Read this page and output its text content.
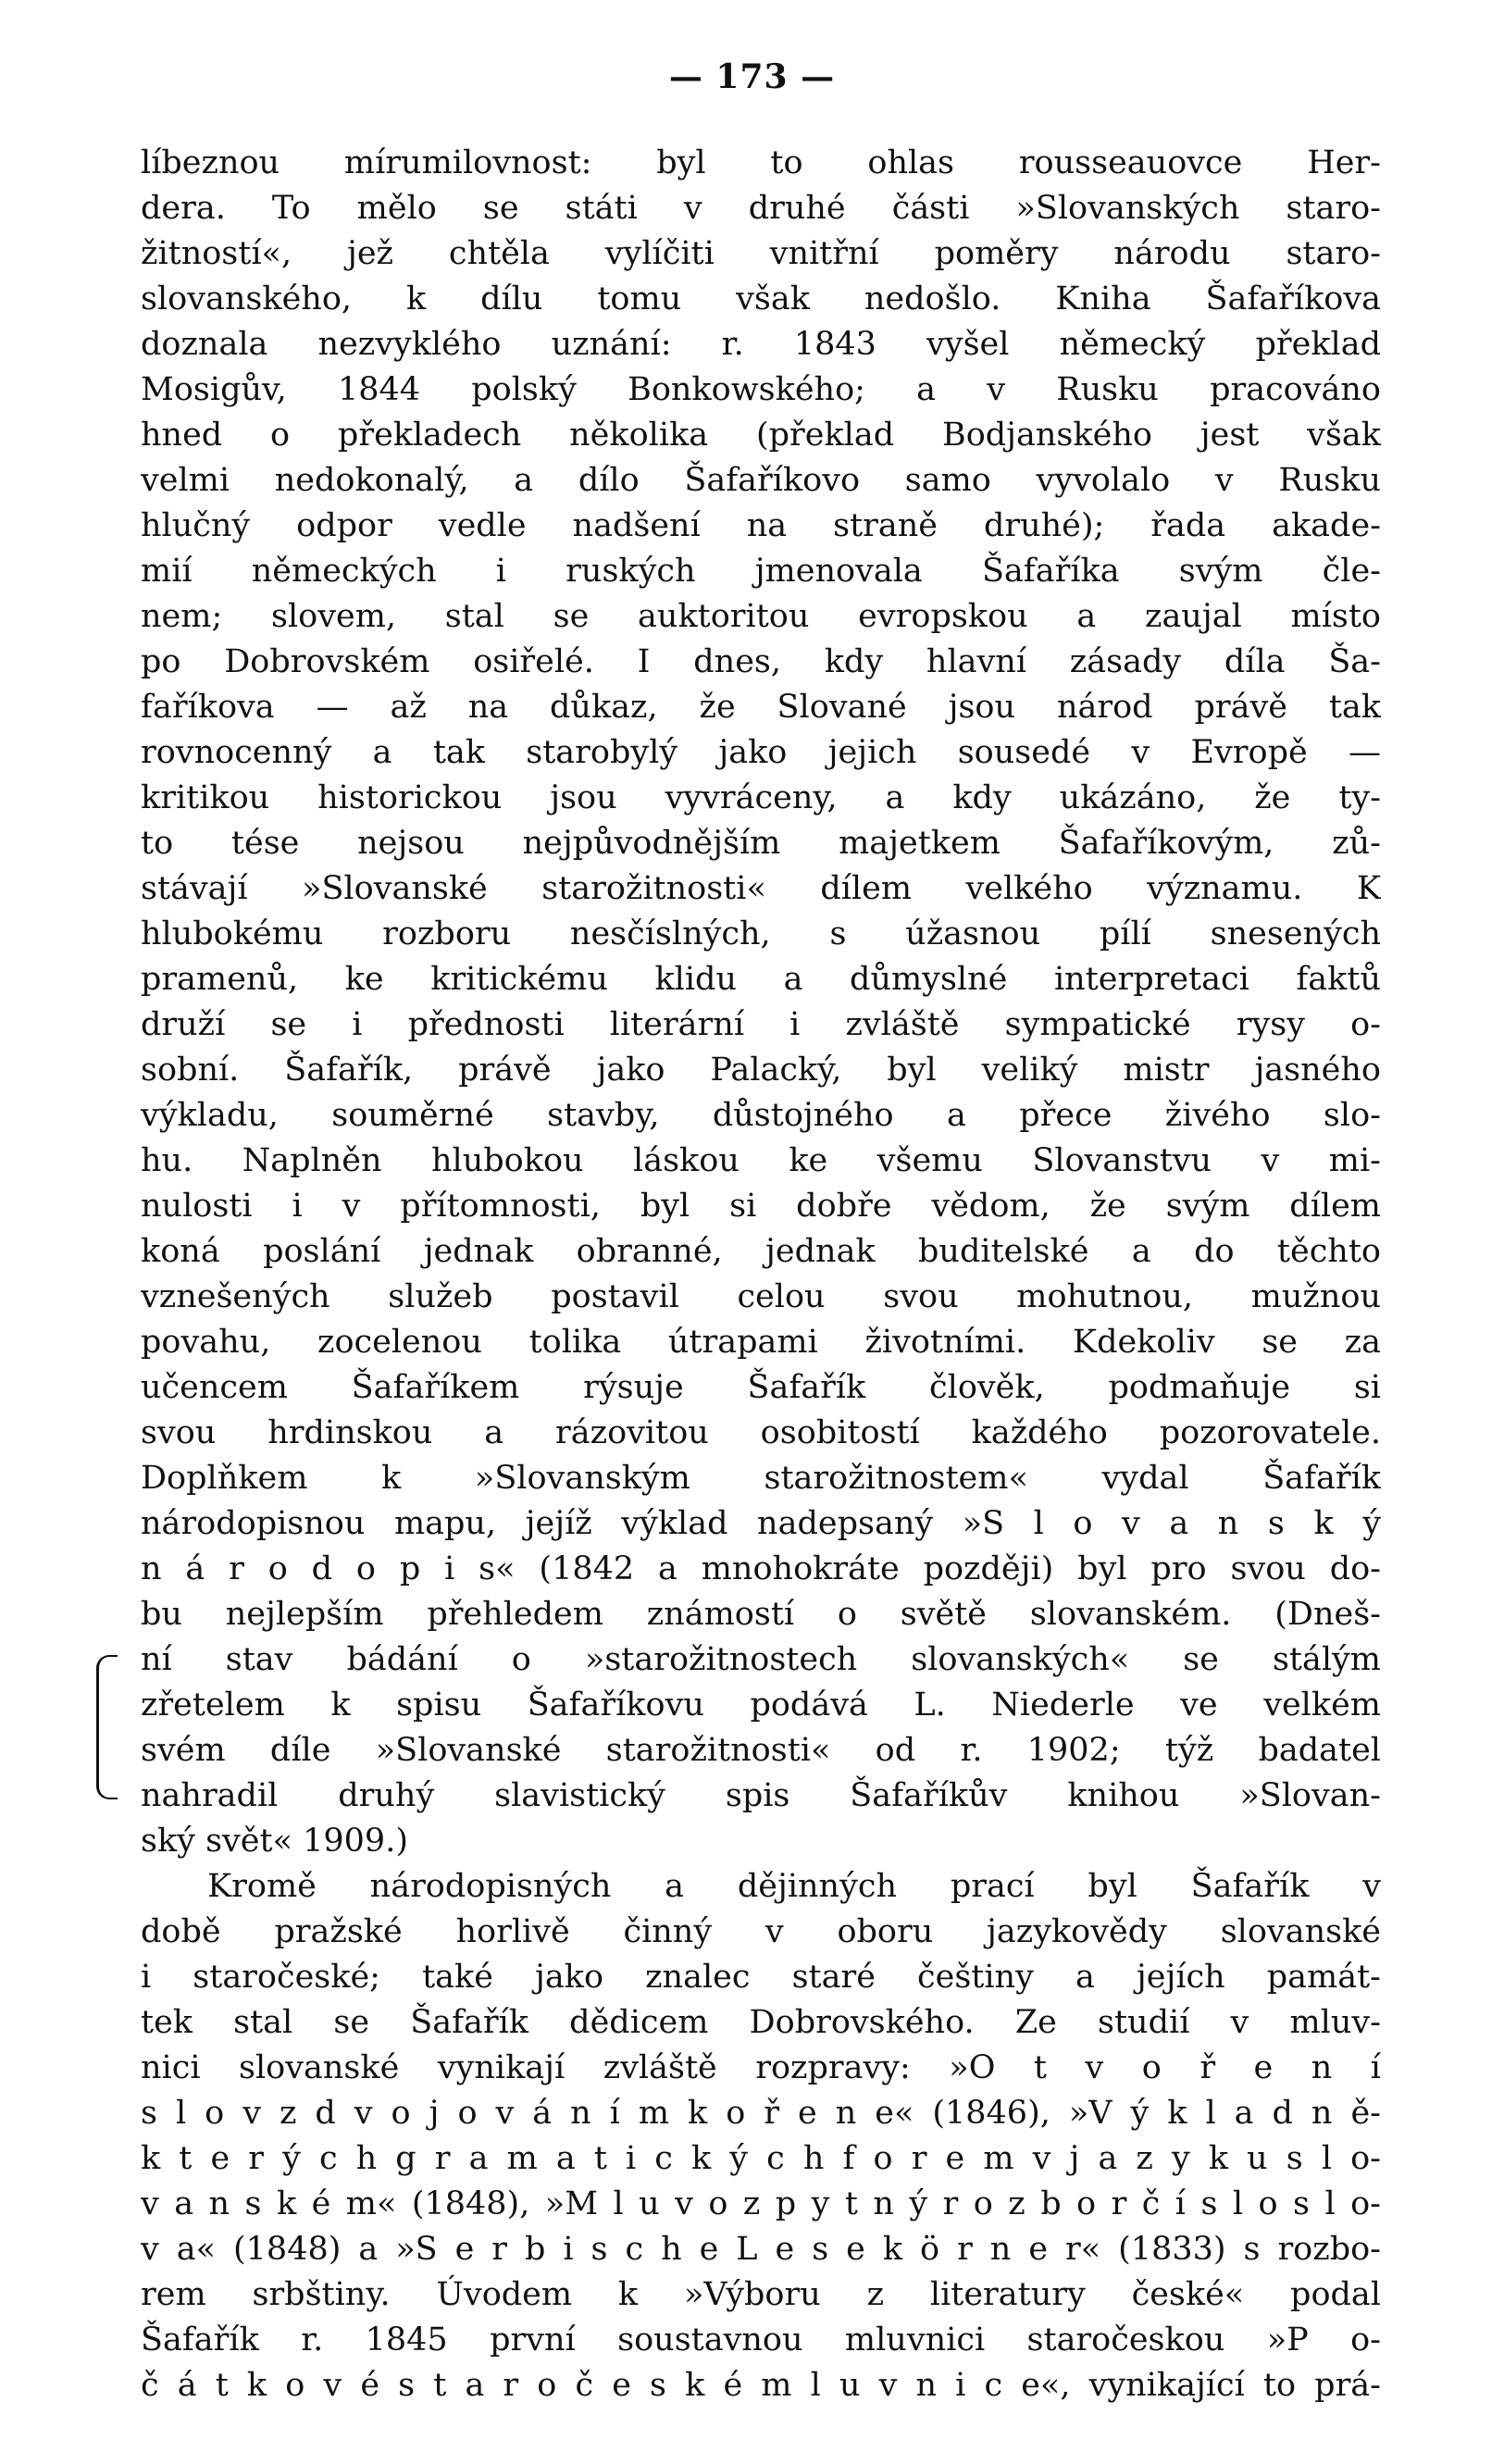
— 173 —
líbeznou mírumilovnost: byl to ohlas rousseauovce Her-
dera. To mělo se státi v druhé části »Slovanských staro-
žitností«, jež chtěla vylíčiti vnitřní poměry národu staro-
slovanského, k dílu tomu však nedošlo. Kniha Šafaříkova
doznala nezvyklého uznání: r. 1843 vyšel německý překlad
Mosigův, 1844 polský Bonkowského; a v Rusku pracováno
hned o překladech několika (překlad Bodjanského jest však
velmi nedokonalý, a dílo Šafaříkovo samo vyvolalo v Rusku
hlučný odpor vedle nadšení na straně druhé); řada akade-
mií německých i ruských jmenovala Šafaříka svým čle-
nem; slovem, stal se auktoritou evropskou a zaujal místo
po Dobrovském osiřelé. I dnes, kdy hlavní zásady díla Ša-
faříkova — až na důkaz, že Slované jsou národ právě tak
rovnocenný a tak starobylý jako jejich sousedé v Evropě —
kritikou historickou jsou vyvráceny, a kdy ukázáno, že ty-
to tése nejsou nejpůvodnějším majetkem Šafaříkovým, zů-
stávají »Slovanské starožitnosti« dílem velkého významu. K
hlubokému rozboru nesčíslných, s úžasnou pílí snesených
pramenů, ke kritickému klidu a důmyslné interpretaci faktů
druží se i přednosti literární i zvláště sympatické rysy o-
sobní. Šafařík, právě jako Palacký, byl veliký mistr jasného
výkladu, souměrné stavby, důstojného a přece živého slo-
hu. Naplněn hlubokou láskou ke všemu Slovanstvu v mi-
nulosti i v přítomnosti, byl si dobře vědom, že svým dílem
koná poslání jednak obranné, jednak buditelské a do těchto
vznešených služeb postavil celou svou mohutnou, mužnou
povahu, zocelenou tolika útrapami životními. Kdekoliv se za
učencem Šafaříkem rýsuje Šafařík člověk, podmaňuje si
svou hrdinskou a rázovitou osobitostí každého pozorovatele.
Doplňkem k »Slovanským starožitnostem« vydal Šafařík
národopisnou mapu, jejíž výklad nadepsaný »S l o v a n s k ý
n á r o d o p i s« (1842 a mnohokráte později) byl pro svou do-
bu nejlepším přehledem známostí o světě slovanském. (Dneš-
ní stav bádání o »starožitnostech slovanských« se stálým
zřetelem k spisu Šafaříkovu podává L. Niederle ve velkém
svém díle »Slovanské starožitnosti« od r. 1902; týž badatel
nahradil druhý slavistický spis Šafaříkův knihou »Slovan-
ský svět« 1909.)
Kromě národopisných a dějinných prací byl Šafařík v
době pražské horlivě činný v oboru jazykovědy slovanské
i staročeské; také jako znalec staré češtiny a jejích památ-
tek stal se Šafařík dědicem Dobrovského. Ze studií v mluv-
nici slovanské vynikají zvláště rozpravy: »O t v o ř e n í
s l o v z d v o j o v á n í m k o ř e n e« (1846), »V ý k l a d n ě-
k t e r ý c h g r a m a t i c k ý c h f o r e m v j a z y k u s l o-
v a n s k é m« (1848), »M l u v o z p y t n ý r o z b o r č í s l o s l o-
v a« (1848) a »S e r b i s c h e L e s e k ö r n e r« (1833) s rozbo-
rem srbštiny. Úvodem k »Výboru z literatury české« podal
Šafařík r. 1845 první soustavnou mluvnici staročeskou »P o-
č á t k o v é s t a r o č e s k é m l u v n i c e«, vynikající to prá-
